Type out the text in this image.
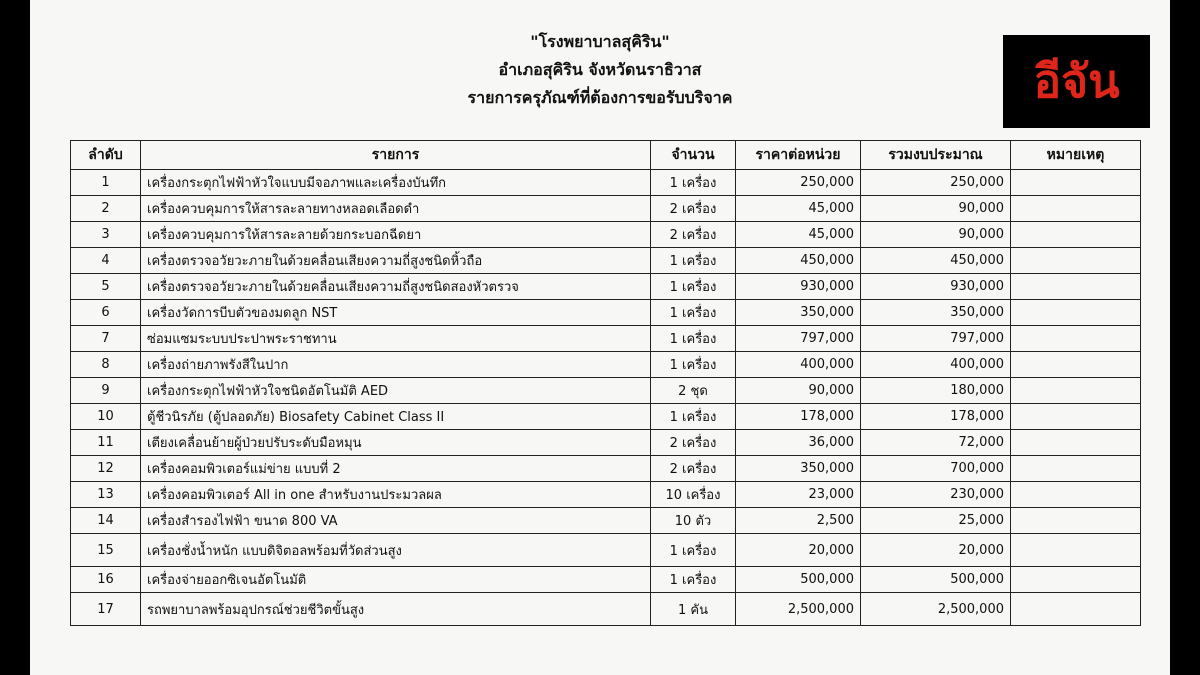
"โรงพยาบาลสุคิริน"
อำเภอสุคิริน จังหวัดนราธิวาส
รายการครุภัณฑ์ที่ต้องการขอรับบริจาค	อีจัน
ลำดับ	รายการ	จำนวน	ราคาต่อหน่วย	รวมงบประมาณ	หมายเหตุ
1	เครื่องกระตุกไฟฟ้าหัวใจแบบมีจอภาพและเครื่องบันทึก	1 เครื่อง	250,000	250,000	
2	เครื่องควบคุมการให้สารละลายทางหลอดเลือดดำ	2 เครื่อง	45,000	90,000	
3	เครื่องควบคุมการให้สารละลายด้วยกระบอกฉีดยา	2 เครื่อง	45,000	90,000	
4	เครื่องตรวจอวัยวะภายในด้วยคลื่อนเสียงความถี่สูงชนิดหิ้วถือ	1 เครื่อง	450,000	450,000	
5	เครื่องตรวจอวัยวะภายในด้วยคลื่อนเสียงความถี่สูงชนิดสองหัวตรวจ	1 เครื่อง	930,000	930,000	
6	เครื่องวัดการบีบตัวของมดลูก NST	1 เครื่อง	350,000	350,000	
7	ซ่อมแซมระบบประปาพระราชทาน	1 เครื่อง	797,000	797,000	
8	เครื่องถ่ายภาพรังสีในปาก	1 เครื่อง	400,000	400,000	
9	เครื่องกระตุกไฟฟ้าหัวใจชนิดอัตโนมัติ AED	2 ชุด	90,000	180,000	
10	ตู้ชีวนิรภัย (ตู้ปลอดภัย) Biosafety Cabinet Class II	1 เครื่อง	178,000	178,000	
11	เตียงเคลื่อนย้ายผู้ป่วยปรับระดับมือหมุน	2 เครื่อง	36,000	72,000	
12	เครื่องคอมพิวเตอร์แม่ข่าย แบบที่ 2	2 เครื่อง	350,000	700,000	
13	เครื่องคอมพิวเตอร์ All in one สำหรับงานประมวลผล	10 เครื่อง	23,000	230,000	
14	เครื่องสำรองไฟฟ้า ขนาด 800 VA	10 ตัว	2,500	25,000	
15	เครื่องชั่งน้ำหนัก แบบดิจิตอลพร้อมที่วัดส่วนสูง	1 เครื่อง	20,000	20,000	
16	เครื่องจ่ายออกซิเจนอัตโนมัติ	1 เครื่อง	500,000	500,000	
17	รถพยาบาลพร้อมอุปกรณ์ช่วยชีวิตขั้นสูง	1 คัน	2,500,000	2,500,000	
